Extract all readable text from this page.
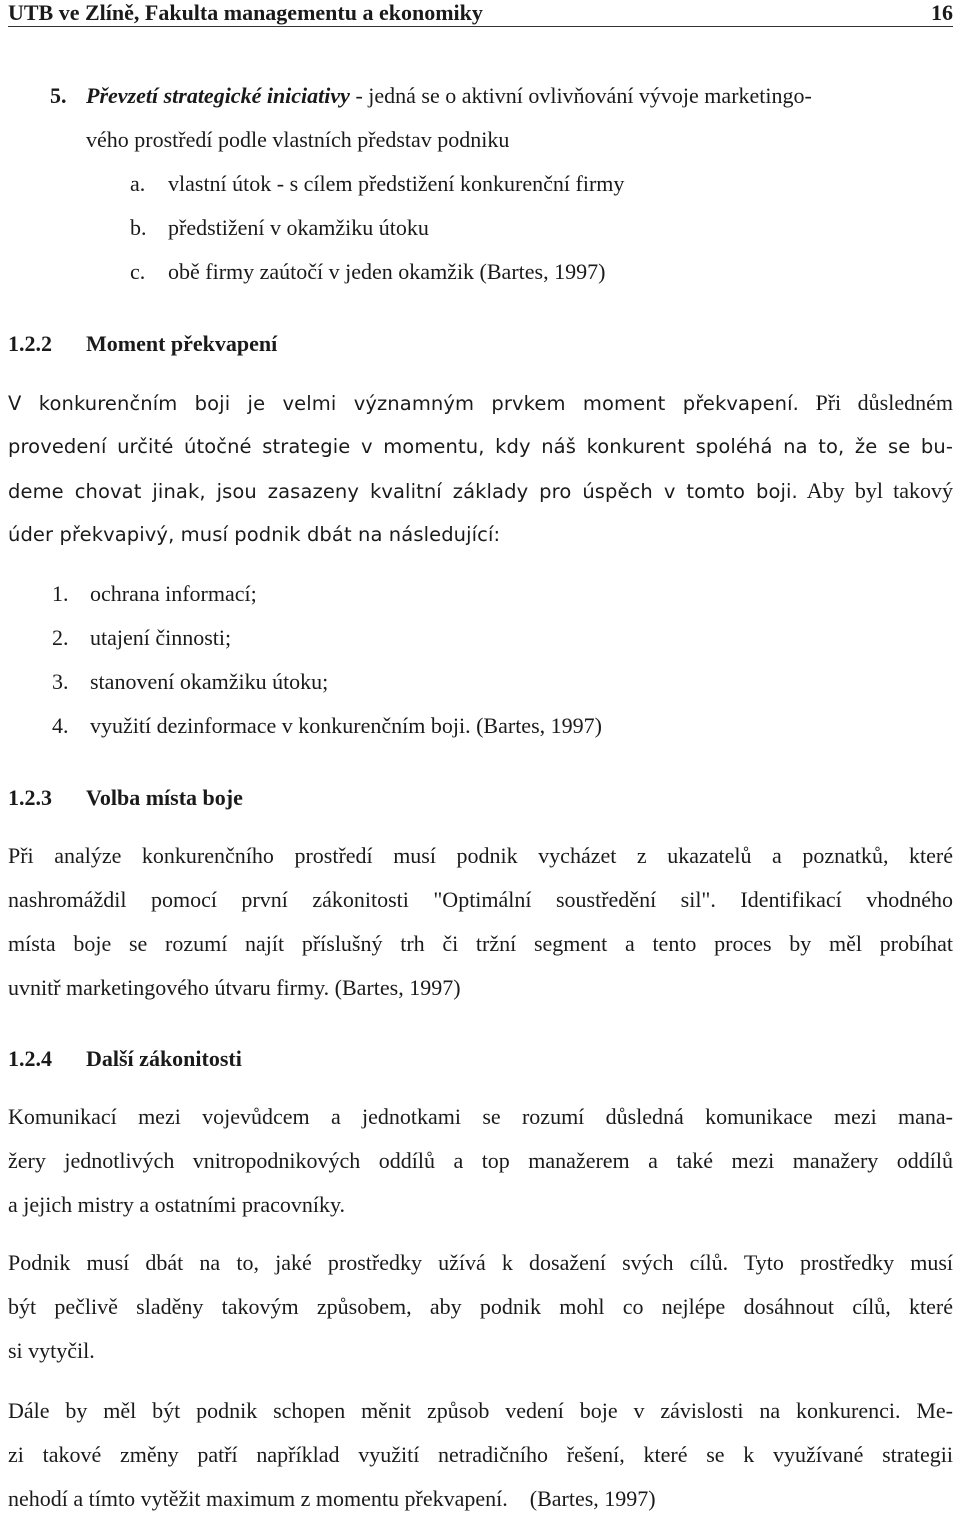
UTB ve Zlíně, Fakulta managementu a ekonomiky	16
5. Převzetí strategické iniciativy - jedná se o aktivní ovlivňování vývoje marketingo-
vého prostředí podle vlastních představ podniku
a. vlastní útok - s cílem předstižení konkurenční firmy
b. předstižení v okamžiku útoku
c. obě firmy zaútočí v jeden okamžik (Bartes, 1997)
1.2.2 Moment překvapení
V konkurenčním boji je velmi významným prvkem moment překvapení. Při důsledném
provedení určité útočné strategie v momentu, kdy náš konkurent spoléhá na to, že se bu-
deme chovat jinak, jsou zasazeny kvalitní základy pro úspěch v tomto boji. Aby byl takový
úder překvapivý, musí podnik dbát na následující:
1. ochrana informací;
2. utajení činnosti;
3. stanovení okamžiku útoku;
4. využití dezinformace v konkurenčním boji. (Bartes, 1997)
1.2.3 Volba místa boje
Při analýze konkurenčního prostředí musí podnik vycházet z ukazatelů a poznatků, které
nashromáždil pomocí první zákonitosti "Optimální soustředění sil". Identifikací vhodného
místa boje se rozumí najít příslušný trh či tržní segment a tento proces by měl probíhat
uvnitř marketingového útvaru firmy. (Bartes, 1997)
1.2.4 Další zákonitosti
Komunikací mezi vojevůdcem a jednotkami se rozumí důsledná komunikace mezi mana-
žery jednotlivých vnitropodnikových oddílů a top manažerem a také mezi manažery oddílů
a jejich mistry a ostatními pracovníky.
Podnik musí dbát na to, jaké prostředky užívá k dosažení svých cílů. Tyto prostředky musí
být pečlivě sladěny takovým způsobem, aby podnik mohl co nejlépe dosáhnout cílů, které
si vytyčil.
Dále by měl být podnik schopen měnit způsob vedení boje v závislosti na konkurenci. Me-
zi takové změny patří například využití netradičního řešení, které se k využívané strategii
nehodí a tímto vytěžit maximum z momentu překvapení.    (Bartes, 1997)
